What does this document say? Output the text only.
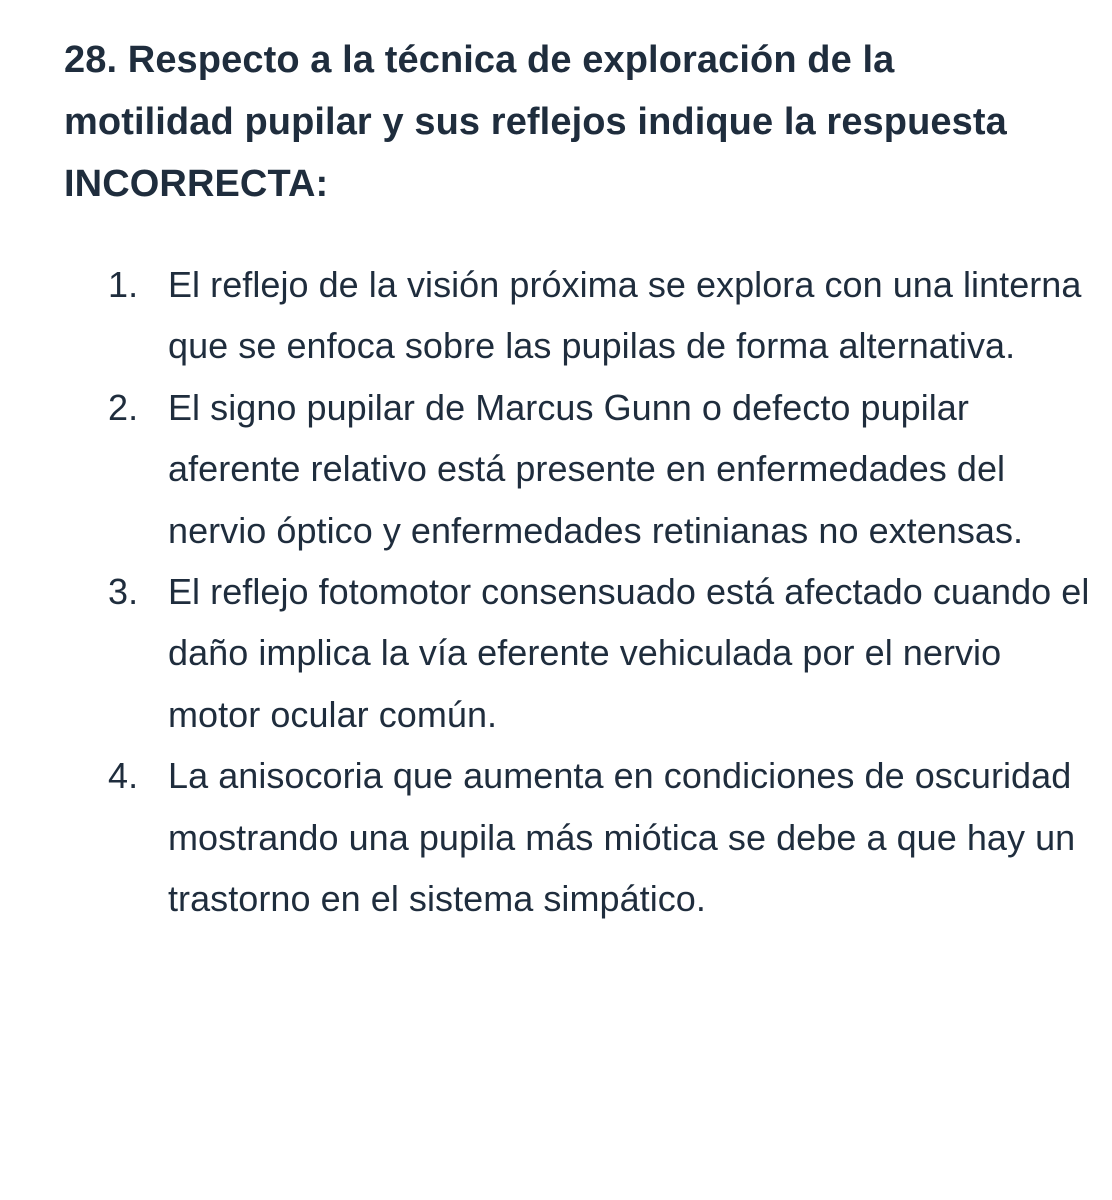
28. Respecto a la técnica de exploración de la motilidad pupilar y sus reflejos indique la respuesta INCORRECTA:
1. El reflejo de la visión próxima se explora con una linterna que se enfoca sobre las pupilas de forma alternativa.
2. El signo pupilar de Marcus Gunn o defecto pupilar aferente relativo está presente en enfermedades del nervio óptico y enfermedades retinianas no extensas.
3. El reflejo fotomotor consensuado está afectado cuando el daño implica la vía eferente vehiculada por el nervio motor ocular común.
4. La anisocoria que aumenta en condiciones de oscuridad mostrando una pupila más miótica se debe a que hay un trastorno en el sistema simpático.
